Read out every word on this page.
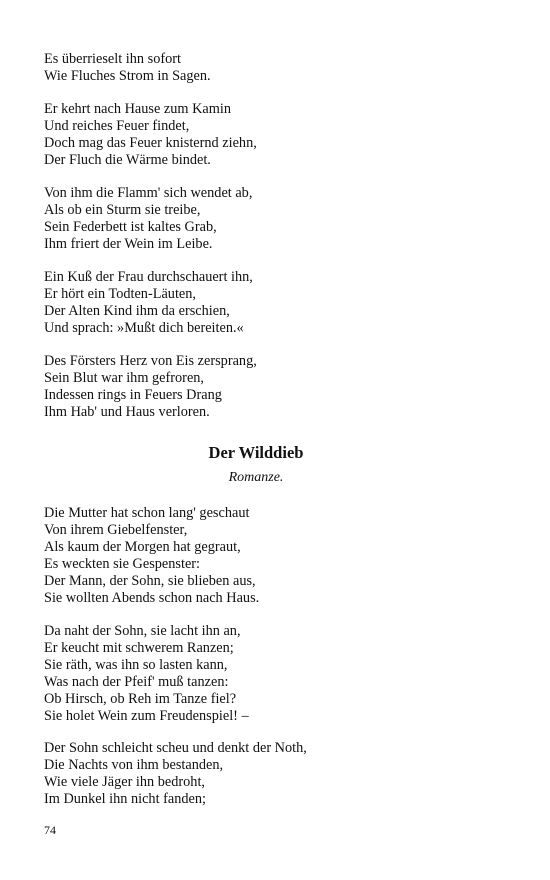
Es überrieselt ihn sofort
Wie Fluches Strom in Sagen.
Er kehrt nach Hause zum Kamin
Und reiches Feuer findet,
Doch mag das Feuer knisternd ziehn,
Der Fluch die Wärme bindet.
Von ihm die Flamm' sich wendet ab,
Als ob ein Sturm sie treibe,
Sein Federbett ist kaltes Grab,
Ihm friert der Wein im Leibe.
Ein Kuß der Frau durchschauert ihn,
Er hört ein Todten-Läuten,
Der Alten Kind ihm da erschien,
Und sprach: »Mußt dich bereiten.«
Des Försters Herz von Eis zersprang,
Sein Blut war ihm gefroren,
Indessen rings in Feuers Drang
Ihm Hab' und Haus verloren.
Der Wilddieb
Romanze.
Die Mutter hat schon lang' geschaut
Von ihrem Giebelfenster,
Als kaum der Morgen hat gegraut,
Es weckten sie Gespenster:
Der Mann, der Sohn, sie blieben aus,
Sie wollten Abends schon nach Haus.
Da naht der Sohn, sie lacht ihn an,
Er keucht mit schwerem Ranzen;
Sie räth, was ihn so lasten kann,
Was nach der Pfeif' muß tanzen:
Ob Hirsch, ob Reh im Tanze fiel?
Sie holet Wein zum Freudenspiel! –
Der Sohn schleicht scheu und denkt der Noth,
Die Nachts von ihm bestanden,
Wie viele Jäger ihn bedroht,
Im Dunkel ihn nicht fanden;
74
